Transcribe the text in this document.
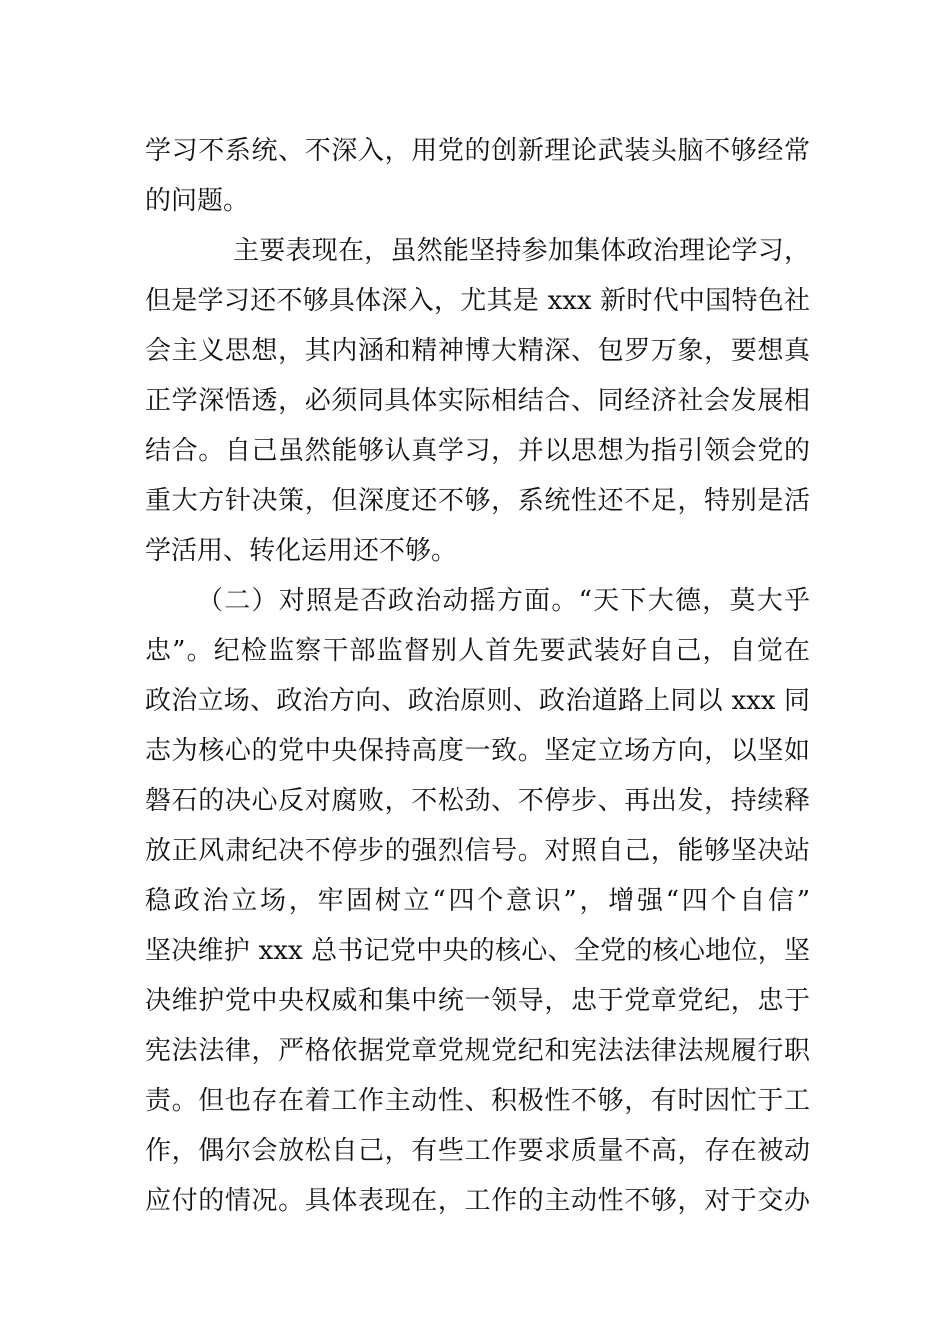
学习不系统、不深入，用党的创新理论武装头脑不够经常
的问题。
主要表现在，虽然能坚持参加集体政治理论学习，
但是学习还不够具体深入，尤其是 xxx 新时代中国特色社
会主义思想，其内涵和精神博大精深、包罗万象，要想真
正学深悟透，必须同具体实际相结合、同经济社会发展相
结合。自己虽然能够认真学习，并以思想为指引领会党的
重大方针决策，但深度还不够，系统性还不足，特别是活
学活用、转化运用还不够。
（二）对照是否政治动摇方面。“天下大德，莫大乎
忠”。纪检监察干部监督别人首先要武装好自己，自觉在
政治立场、政治方向、政治原则、政治道路上同以 xxx 同
志为核心的党中央保持高度一致。坚定立场方向，以坚如
磐石的决心反对腐败，不松劲、不停步、再出发，持续释
放正风肃纪决不停步的强烈信号。对照自己，能够坚决站
稳政治立场，牢固树立“四个意识”，增强“四个自信”
坚决维护 xxx 总书记党中央的核心、全党的核心地位，坚
决维护党中央权威和集中统一领导，忠于党章党纪，忠于
宪法法律，严格依据党章党规党纪和宪法法律法规履行职
责。但也存在着工作主动性、积极性不够，有时因忙于工
作，偶尔会放松自己，有些工作要求质量不高，存在被动
应付的情况。具体表现在，工作的主动性不够，对于交办
